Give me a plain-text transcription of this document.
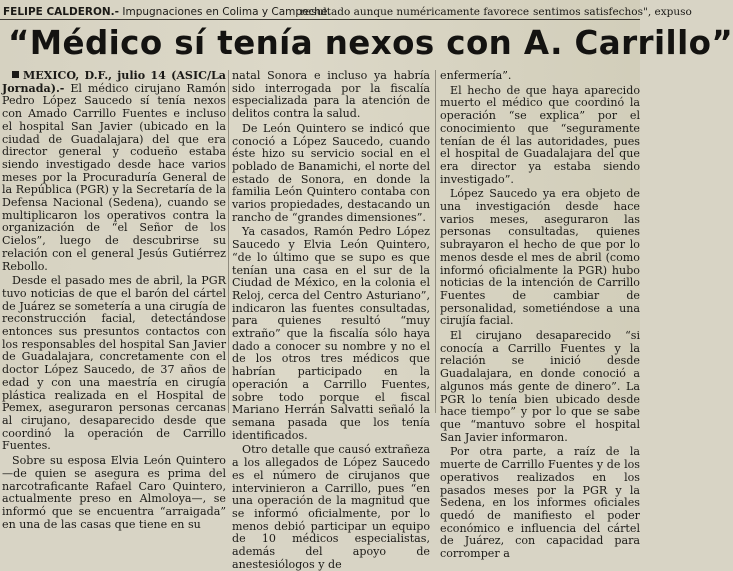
FELIPE CALDERON.- Impugnaciones en Colima y Campeche.
resultado aunque numéricamente favorece sentimos satisfechos", expuso
“Médico sí tenía nexos con A. Carrillo”

MEXICO, D.F., julio 14 (ASIC/La Jornada).- El médico cirujano Ramón Pedro López Saucedo sí tenía nexos con Amado Carrillo Fuentes e incluso el hospital San Javier (ubicado en la ciudad de Guadalajara) del que era director general y codueño estaba siendo investigado desde hace varios meses por la Procuraduría General de la República (PGR) y la Secretaría de la Defensa Nacional (Sedena), cuando se multiplicaron los operativos contra la organización de “el Señor de los Cielos”, luego de descubrirse su relación con el general Jesús Gutiérrez Rebollo.

Desde el pasado mes de abril, la PGR tuvo noticias de que el barón del cártel de Juárez se sometería a una cirugía de reconstrucción facial, detectándose entonces sus presuntos contactos con los responsables del hospital San Javier de Guadalajara, concretamente con el doctor López Saucedo, de 37 años de edad y con una maestría en cirugía plástica realizada en el Hospital de Pemex, aseguraron personas cercanas al cirujano, desaparecido desde que coordinó la operación de Carrillo Fuentes.

Sobre su esposa Elvia León Quintero —de quien se asegura es prima del narcotraficante Rafael Caro Quintero, actualmente preso en Almoloya—, se informó que se encuentra “arraigada” en una de las casas que tiene en su

natal Sonora e incluso ya habría sido interrogada por la fiscalía especializada para la atención de delitos contra la salud.

De León Quintero se indicó que conoció a López Saucedo, cuando éste hizo su servicio social en el poblado de Banamichi, el norte del estado de Sonora, en donde la familia León Quintero contaba con varios propiedades, destacando un rancho de “grandes dimensiones”.

Ya casados, Ramón Pedro López Saucedo y Elvia León Quintero, “de lo último que se supo es que tenían una casa en el sur de la Ciudad de México, en la colonia el Reloj, cerca del Centro Asturiano”, indicaron las fuentes consultadas, para quienes resultó “muy extraño” que la fiscalía sólo haya dado a conocer su nombre y no el de los otros tres médicos que habrían participado en la operación a Carrillo Fuentes, sobre todo porque el fiscal Mariano Herrán Salvatti señaló la semana pasada que los tenía identificados.

Otro detalle que causó extrañeza a los allegados de López Saucedo es el número de cirujanos que intervinieron a Carrillo, pues “en una operación de la magnitud que se informó oficialmente, por lo menos debió participar un equipo de 10 médicos especialistas, además del apoyo de anestesiólogos y de

enfermería”.

El hecho de que haya aparecido muerto el médico que coordinó la operación “se explica” por el conocimiento que “seguramente tenían de él las autoridades, pues el hospital de Guadalajara del que era director ya estaba siendo investigado”.

López Saucedo ya era objeto de una investigación desde hace varios meses, aseguraron las personas consultadas, quienes subrayaron el hecho de que por lo menos desde el mes de abril (como informó oficialmente la PGR) hubo noticias de la intención de Carrillo Fuentes de cambiar de personalidad, sometiéndose a una cirujía facial.

El cirujano desaparecido “si conocía a Carrillo Fuentes y la relación se inició desde Guadalajara, en donde conoció a algunos más gente de dinero”. La PGR lo tenía bien ubicado desde hace tiempo” y por lo que se sabe que “mantuvo sobre el hospital San Javier informaron.

Por otra parte, a raíz de la muerte de Carrillo Fuentes y de los operativos realizados en los pasados meses por la PGR y la Sedena, en los informes oficiales quedó de manifiesto el poder económico e influencia del cártel de Juárez, con capacidad para corromper a
